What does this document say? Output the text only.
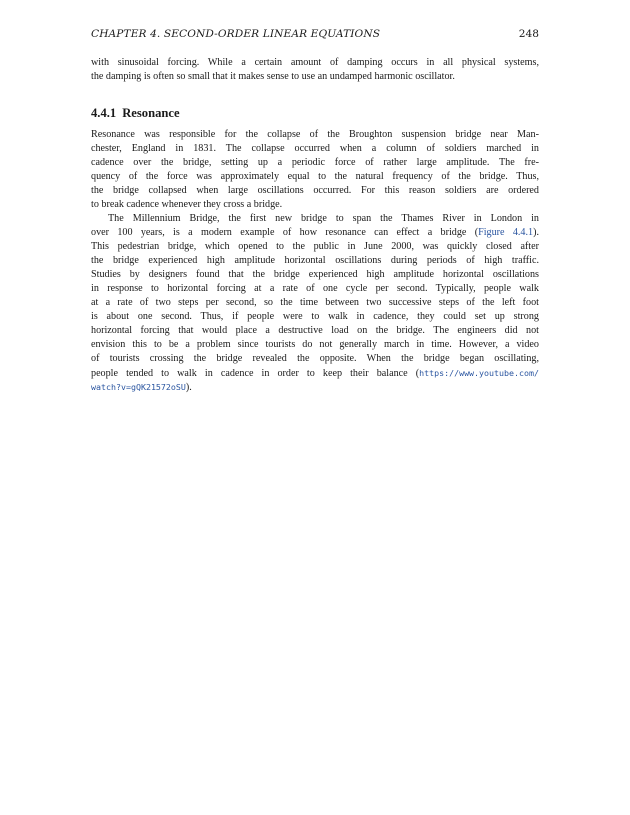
CHAPTER 4. SECOND-ORDER LINEAR EQUATIONS	248
with sinusoidal forcing. While a certain amount of damping occurs in all physical systems,
the damping is often so small that it makes sense to use an undamped harmonic oscillator.
4.4.1 Resonance
Resonance was responsible for the collapse of the Broughton suspension bridge near Man-
chester, England in 1831. The collapse occurred when a column of soldiers marched in
cadence over the bridge, setting up a periodic force of rather large amplitude. The fre-
quency of the force was approximately equal to the natural frequency of the bridge. Thus,
the bridge collapsed when large oscillations occurred. For this reason soldiers are ordered
to break cadence whenever they cross a bridge.
The Millennium Bridge, the first new bridge to span the Thames River in London in
over 100 years, is a modern example of how resonance can effect a bridge (Figure 4.4.1).
This pedestrian bridge, which opened to the public in June 2000, was quickly closed after
the bridge experienced high amplitude horizontal oscillations during periods of high traffic.
Studies by designers found that the bridge experienced high amplitude horizontal oscillations
in response to horizontal forcing at a rate of one cycle per second. Typically, people walk
at a rate of two steps per second, so the time between two successive steps of the left foot
is about one second. Thus, if people were to walk in cadence, they could set up strong
horizontal forcing that would place a destructive load on the bridge. The engineers did not
envision this to be a problem since tourists do not generally march in time. However, a video
of tourists crossing the bridge revealed the opposite. When the bridge began oscillating,
people tended to walk in cadence in order to keep their balance (https://www.youtube.com/
watch?v=gQK21572oSU).
